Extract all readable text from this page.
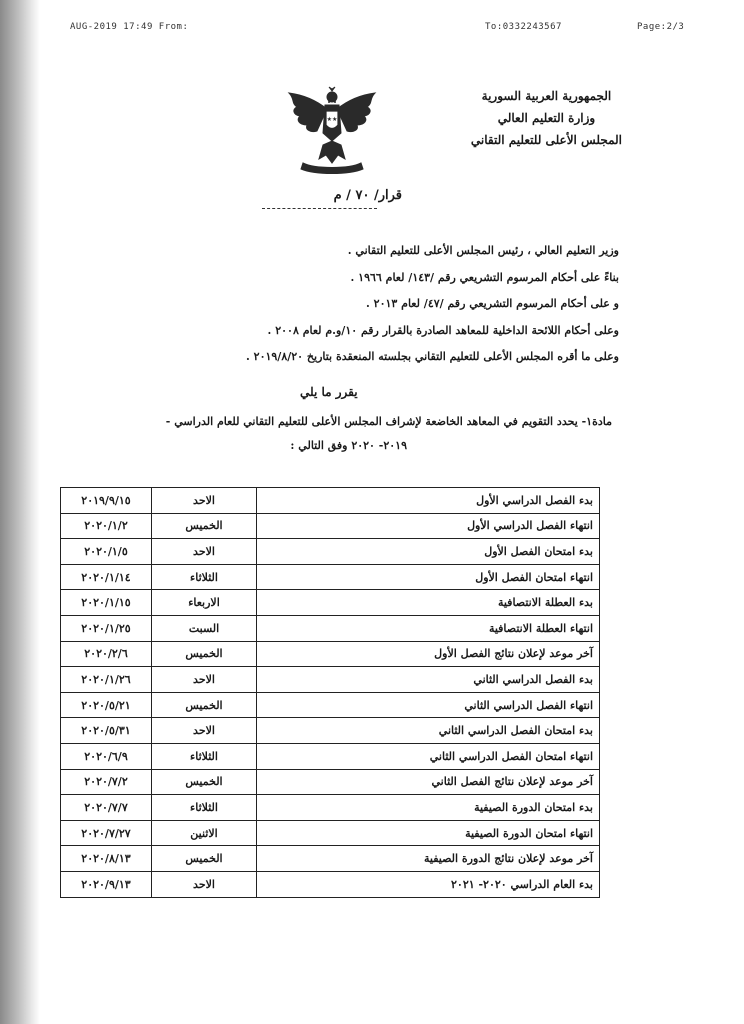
AUG-2019 17:49 From:	To:0332243567	Page:2/3
★★
الجمهورية العربية السورية
وزارة التعليم العالي
المجلس الأعلى للتعليم التقاني
قرار/ ٧٠ / م
وزير التعليم العالي ، رئيس المجلس الأعلى للتعليم التقاني .
بناءً على أحكام المرسوم التشريعي رقم /١٤٣/ لعام ١٩٦٦ .
و على أحكام المرسوم التشريعي رقم /٤٧/ لعام ٢٠١٣ .
وعلى أحكام اللائحة الداخلية للمعاهد الصادرة بالقرار رقم ١٠/و.م لعام ٢٠٠٨ .
وعلى ما أقره المجلس الأعلى للتعليم التقاني بجلسته المنعقدة بتاريخ ٢٠١٩/٨/٢٠ .
يقرر ما يلي
مادة١- يحدد التقويم في المعاهد الخاضعة لإشراف المجلس الأعلى للتعليم التقاني للعام الدراسي -
٢٠١٩- ٢٠٢٠ وفق التالي :
بدء الفصل الدراسي الأول	الاحد	٢٠١٩/٩/١٥
انتهاء الفصل الدراسي الأول	الخميس	٢٠٢٠/١/٢
بدء امتحان الفصل الأول	الاحد	٢٠٢٠/١/٥
انتهاء امتحان الفصل الأول	الثلاثاء	٢٠٢٠/١/١٤
بدء العطلة الانتصافية	الاربعاء	٢٠٢٠/١/١٥
انتهاء العطلة الانتصافية	السبت	٢٠٢٠/١/٢٥
آخر موعد لإعلان نتائج الفصل الأول	الخميس	٢٠٢٠/٢/٦
بدء الفصل الدراسي الثاني	الاحد	٢٠٢٠/١/٢٦
انتهاء الفصل الدراسي الثاني	الخميس	٢٠٢٠/٥/٢١
بدء امتحان الفصل الدراسي الثاني	الاحد	٢٠٢٠/٥/٣١
انتهاء امتحان الفصل الدراسي الثاني	الثلاثاء	٢٠٢٠/٦/٩
آخر موعد لإعلان نتائج الفصل الثاني	الخميس	٢٠٢٠/٧/٢
بدء امتحان الدورة الصيفية	الثلاثاء	٢٠٢٠/٧/٧
انتهاء امتحان الدورة الصيفية	الاثنين	٢٠٢٠/٧/٢٧
آخر موعد لإعلان نتائج الدورة الصيفية	الخميس	٢٠٢٠/٨/١٣
بدء العام الدراسي ٢٠٢٠- ٢٠٢١	الاحد	٢٠٢٠/٩/١٣
